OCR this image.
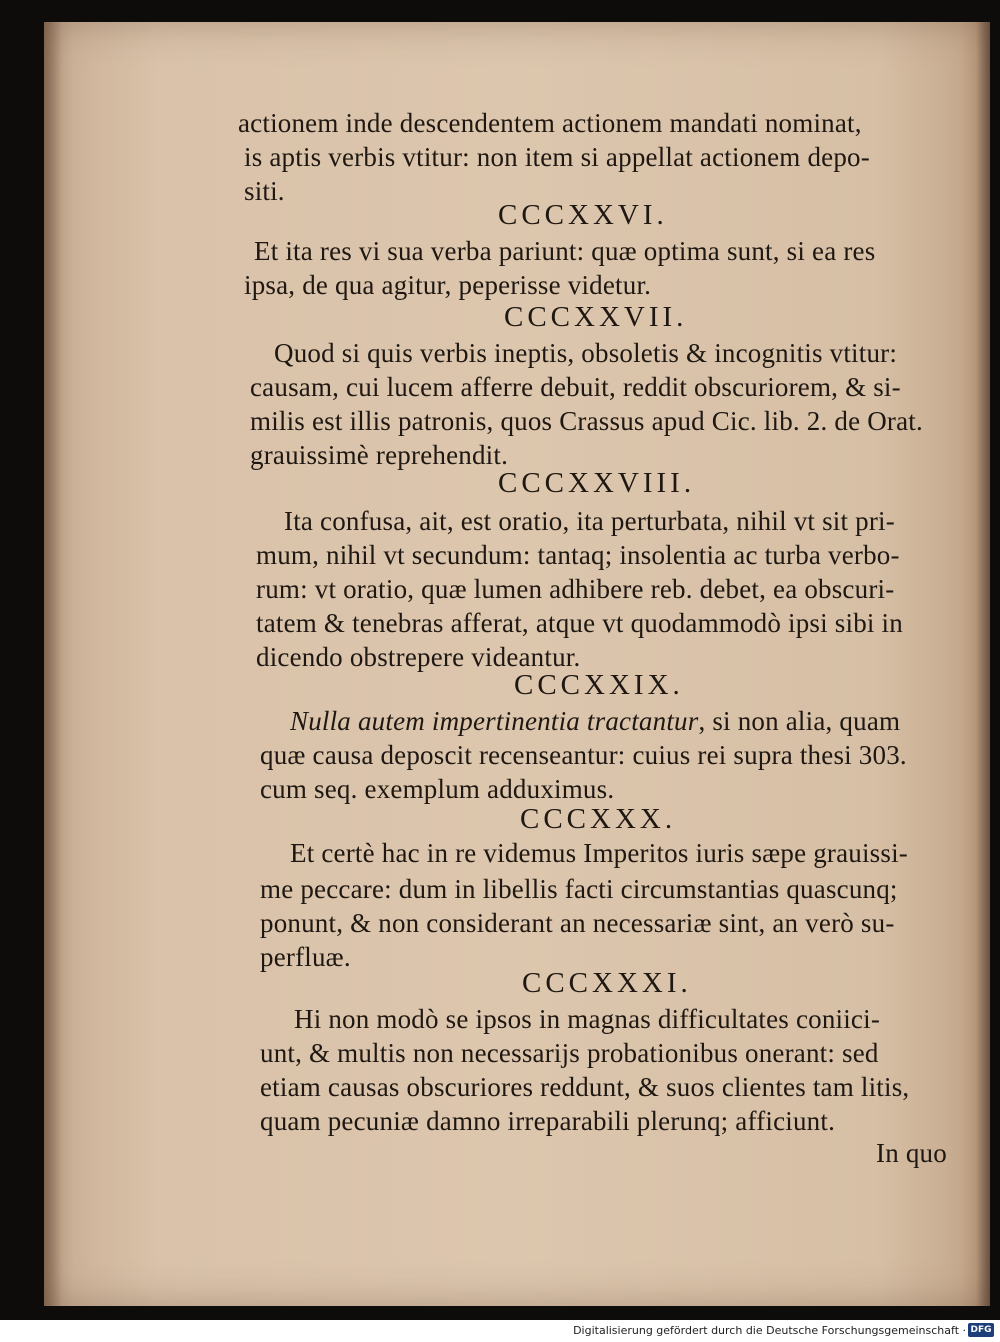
actionem inde descendentem actionem mandati nominat,
is aptis verbis vtitur: non item si appellat actionem depo-
siti.
CCCXXVI.
Et ita res vi sua verba pariunt: quæ optima sunt, si ea res
ipsa, de qua agitur, peperisse videtur.
CCCXXVII.
Quod si quis verbis ineptis, obsoletis & incognitis vtitur:
causam, cui lucem afferre debuit, reddit obscuriorem, & si-
milis est illis patronis, quos Crassus apud Cic. lib. 2. de Orat.
grauissimè reprehendit.
CCCXXVIII.
Ita confusa, ait, est oratio, ita perturbata, nihil vt sit pri-
mum, nihil vt secundum: tantaq; insolentia ac turba verbo-
rum: vt oratio, quæ lumen adhibere reb. debet, ea obscuri-
tatem & tenebras afferat, atque vt quodammodò ipsi sibi in
dicendo obstrepere videantur.
CCCXXIX.
Nulla autem impertinentia tractantur, si non alia, quam
quæ causa deposcit recenseantur: cuius rei supra thesi 303.
cum seq. exemplum adduximus.
CCCXXX.
Et certè hac in re videmus Imperitos iuris sæpe grauissi-
me peccare: dum in libellis facti circumstantias quascunq;
ponunt, & non considerant an necessariæ sint, an verò su-
perfluæ.
CCCXXXI.
Hi non modò se ipsos in magnas difficultates coniici-
unt, & multis non necessarijs probationibus onerant: sed
etiam causas obscuriores reddunt, & suos clientes tam litis,
quam pecuniæ damno irreparabili plerunq; afficiunt.
In quo
Digitalisierung gefördert durch die Deutsche Forschungsgemeinschaft · DFG
